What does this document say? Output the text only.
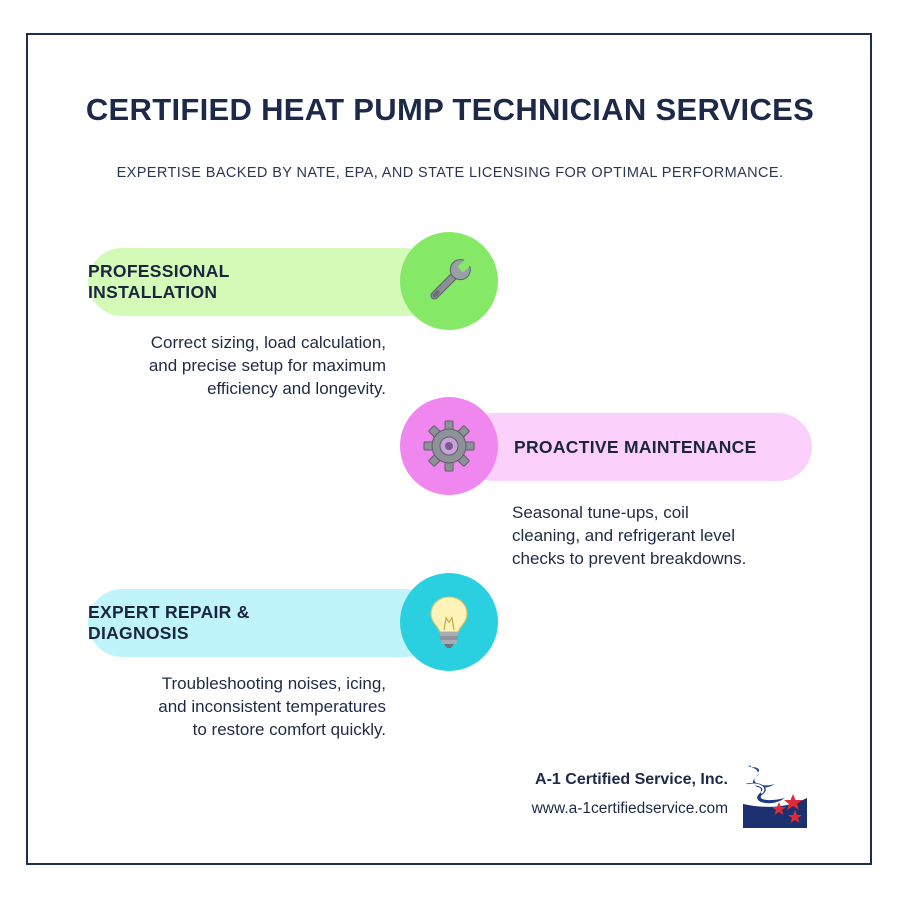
CERTIFIED HEAT PUMP TECHNICIAN SERVICES
EXPERTISE BACKED BY NATE, EPA, AND STATE LICENSING FOR OPTIMAL PERFORMANCE.
PROFESSIONAL INSTALLATION
Correct sizing, load calculation,
and precise setup for maximum
efficiency and longevity.
PROACTIVE MAINTENANCE
Seasonal tune-ups, coil
cleaning, and refrigerant level
checks to prevent breakdowns.
EXPERT REPAIR & DIAGNOSIS
Troubleshooting noises, icing,
and inconsistent temperatures
to restore comfort quickly.
A-1 Certified Service, Inc.
www.a-1certifiedservice.com
